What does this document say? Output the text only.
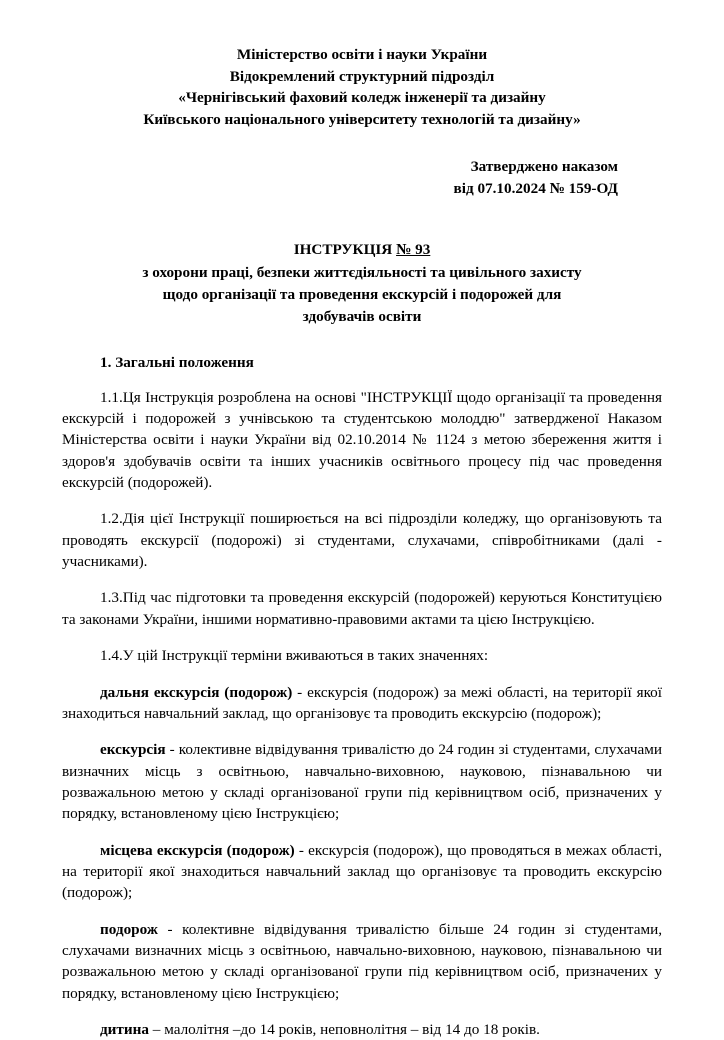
Міністерство освіти і науки України
Відокремлений структурний підрозділ
«Чернігівський фаховий коледж інженерії та дизайну
Київського національного університету технологій та дизайну»
Затверджено наказом
від 07.10.2024 № 159-ОД
ІНСТРУКЦІЯ № 93
з охорони праці, безпеки життєдіяльності та цивільного захисту
щодо організації та проведення екскурсій і подорожей для
здобувачів освіти
1. Загальні положення

1.1.Ця Інструкція розроблена на основі "ІНСТРУКЦІЇ щодо організації та проведення екскурсій і подорожей з учнівською та студентською молоддю" затвердженої Наказом Міністерства освіти і науки України від 02.10.2014 № 1124 з метою збереження життя і здоров'я здобувачів освіти та інших учасників освітнього процесу під час проведення екскурсій (подорожей).

1.2.Дія цієї Інструкції поширюється на всі підрозділи коледжу, що організовують та проводять екскурсії (подорожі) зі студентами, слухачами, співробітниками (далі - учасниками).

1.3.Під час підготовки та проведення екскурсій (подорожей) керуються Конституцією та законами України, іншими нормативно-правовими актами та цією Інструкцією.

1.4.У цій Інструкції терміни вживаються в таких значеннях:

дальня екскурсія (подорож) - екскурсія (подорож) за межі області, на території якої знаходиться навчальний заклад, що організовує та проводить екскурсію (подорож);

екскурсія - колективне відвідування тривалістю до 24 годин зі студентами, слухачами визначних місць з освітньою, навчально-виховною, науковою, пізнавальною чи розважальною метою у складі організованої групи під керівництвом осіб, призначених у порядку, встановленому цією Інструкцією;

місцева екскурсія (подорож) - екскурсія (подорож), що проводяться в межах області, на території якої знаходиться навчальний заклад що організовує та проводить екскурсію (подорож);

подорож - колективне відвідування тривалістю більше 24 годин зі студентами, слухачами визначних місць з освітньою, навчально-виховною, науковою, пізнавальною чи розважальною метою у складі організованої групи під керівництвом осіб, призначених у порядку, встановленому цією Інструкцією;

дитина – малолітня –до 14 років, неповнолітня – від 14 до 18 років.
